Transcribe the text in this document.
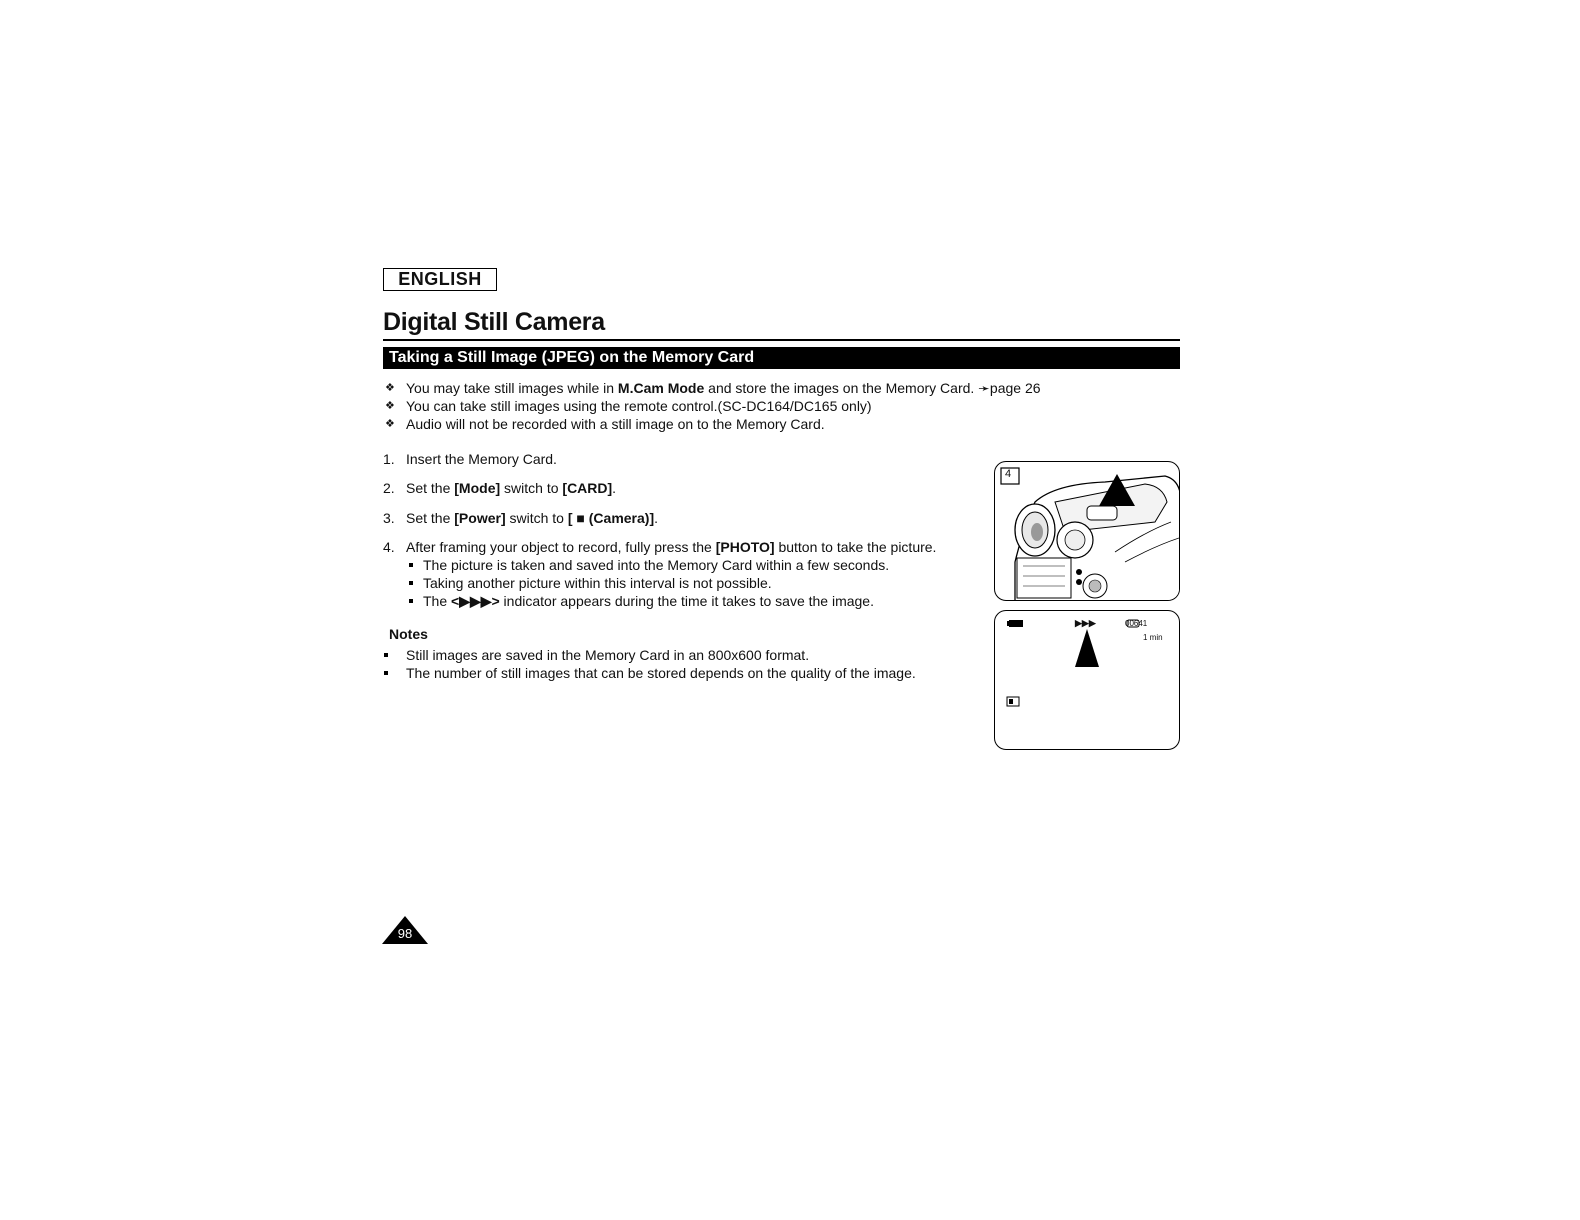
ENGLISH
Digital Still Camera
Taking a Still Image (JPEG) on the Memory Card
❖ You may take still images while in M.Cam Mode and store the images on the Memory Card. ➛page 26
❖ You can take still images using the remote control.(SC-DC164/DC165 only)
❖ Audio will not be recorded with a still image on to the Memory Card.
1. Insert the Memory Card.
2. Set the [Mode] switch to [CARD].
3. Set the [Power] switch to [ ■ (Camera)].
4. After framing your object to record, fully press the [PHOTO] button to take the picture.
The picture is taken and saved into the Memory Card within a few seconds.
Taking another picture within this interval is not possible.
The <▶▶▶> indicator appears during the time it takes to save the image.
Notes
Still images are saved in the Memory Card in an 800x600 format.
The number of still images that can be stored depends on the quality of the image.
4
▶▶▶	00641
1 min
98
